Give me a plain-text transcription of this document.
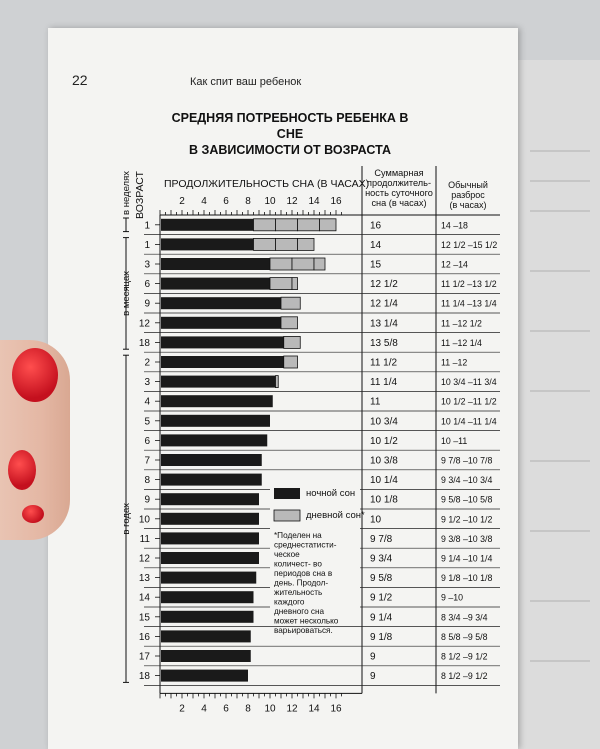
22	Как спит ваш ребенок
СРЕДНЯЯ ПОТРЕБНОСТЬ РЕБЕНКА В СНЕ
В ЗАВИСИМОСТИ ОТ ВОЗРАСТА
ПРОДОЛЖИТЕЛЬНОСТЬ СНА (В ЧАСАХ)
2
2
4
4
6
6
8
8
10
10
12
12
14
14
16
16
Суммарная
продолжитель-
ность суточного
сна (в часах)
Обычный
разброс
(в часах)
ВОЗРАСТ
1	16	14 –18
1	14	12 1/2 –15 1/2
3	15	12 –14
6	12 1/2	11 1/2 –13 1/2
9	12 1/4	11 1/4 –13 1/4
12	13 1/4	11 –12 1/2
18	13 5/8	11 –12 1/4
2	11 1/2	11 –12
3	11 1/4	10 3/4 –11 3/4
4	11	10 1/2 –11 1/2
5	10 3/4	10 1/4 –11 1/4
6	10 1/2	10 –11
7	10 3/8	9 7/8 –10 7/8
8	10 1/4	9 3/4 –10 3/4
9	10 1/8	9 5/8 –10 5/8
10	10	9 1/2 –10 1/2
11	9 7/8	9 3/8 –10 3/8
12	9 3/4	9 1/4 –10 1/4
13	9 5/8	9 1/8 –10 1/8
14	9 1/2	9 –10
15	9 1/4	8 3/4 –9 3/4
16	9 1/8	8 5/8 –9 5/8
17	9	8 1/2 –9 1/2
18	9	8 1/2 –9 1/2
в неделях
в месяцах
в годах
ночной сон
дневной сон*
*Поделен на
среднестатисти-
ческое
количест- во
периодов сна в
день. Продол-
жительность
каждого
дневного сна
может несколько
варьироваться.
